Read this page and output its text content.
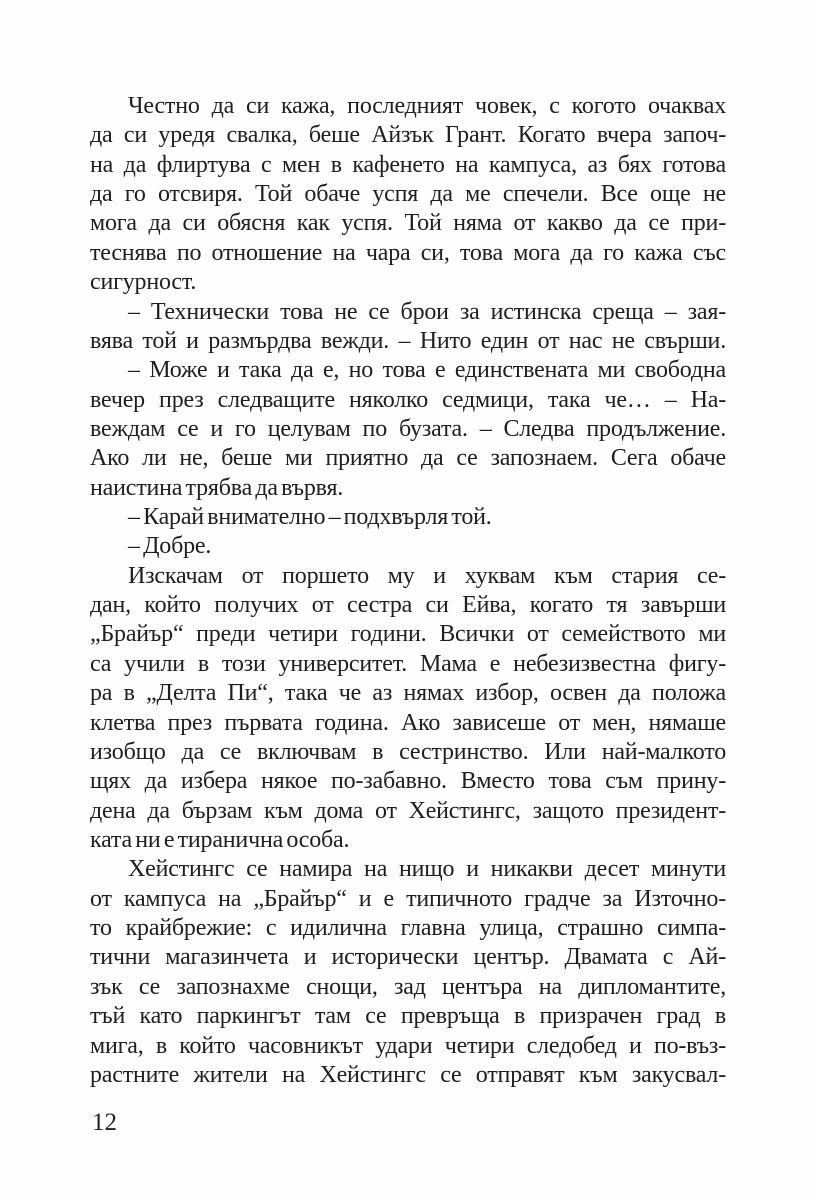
Честно да си кажа, последният човек, с когото очаквах
да си уредя свалка, беше Айзък Грант. Когато вчера започ-
на да флиртува с мен в кафенето на кампуса, аз бях готова
да го отсвиря. Той обаче успя да ме спечели. Все още не
мога да си обясня как успя. Той няма от какво да се при-
теснява по отношение на чара си, това мога да го кажа със
сигурност.
– Технически това не се брои за истинска среща – зая-
вява той и размърдва вежди. – Нито един от нас не свърши.
– Може и така да е, но това е единствената ми свободна
вечер през следващите няколко седмици, така че… – На-
веждам се и го целувам по бузата. – Следва продължение.
Ако ли не, беше ми приятно да се запознаем. Сега обаче
наистина трябва да вървя.
– Карай внимателно – подхвърля той.
– Добре.
Изскачам от поршето му и хуквам към стария се-
дан, който получих от сестра си Ейва, когато тя завърши
„Брайър“ преди четири години. Всички от семейството ми
са учили в този университет. Мама е небезизвестна фигу-
ра в „Делта Пи“, така че аз нямах избор, освен да положа
клетва през първата година. Ако зависеше от мен, нямаше
изобщо да се включвам в сестринство. Или най-малкото
щях да избера някое по-забавно. Вместо това съм прину-
дена да бързам към дома от Хейстингс, защото президент-
ката ни е тиранична особа.
Хейстингс се намира на нищо и никакви десет минути
от кампуса на „Брайър“ и е типичното градче за Източно-
то крайбрежие: с идилична главна улица, страшно симпа-
тични магазинчета и исторически център. Двамата с Ай-
зък се запознахме снощи, зад центъра на дипломантите,
тъй като паркингът там се превръща в призрачен град в
мига, в който часовникът удари четири следобед и по-въз-
растните жители на Хейстингс се отправят към закусвал-
12
